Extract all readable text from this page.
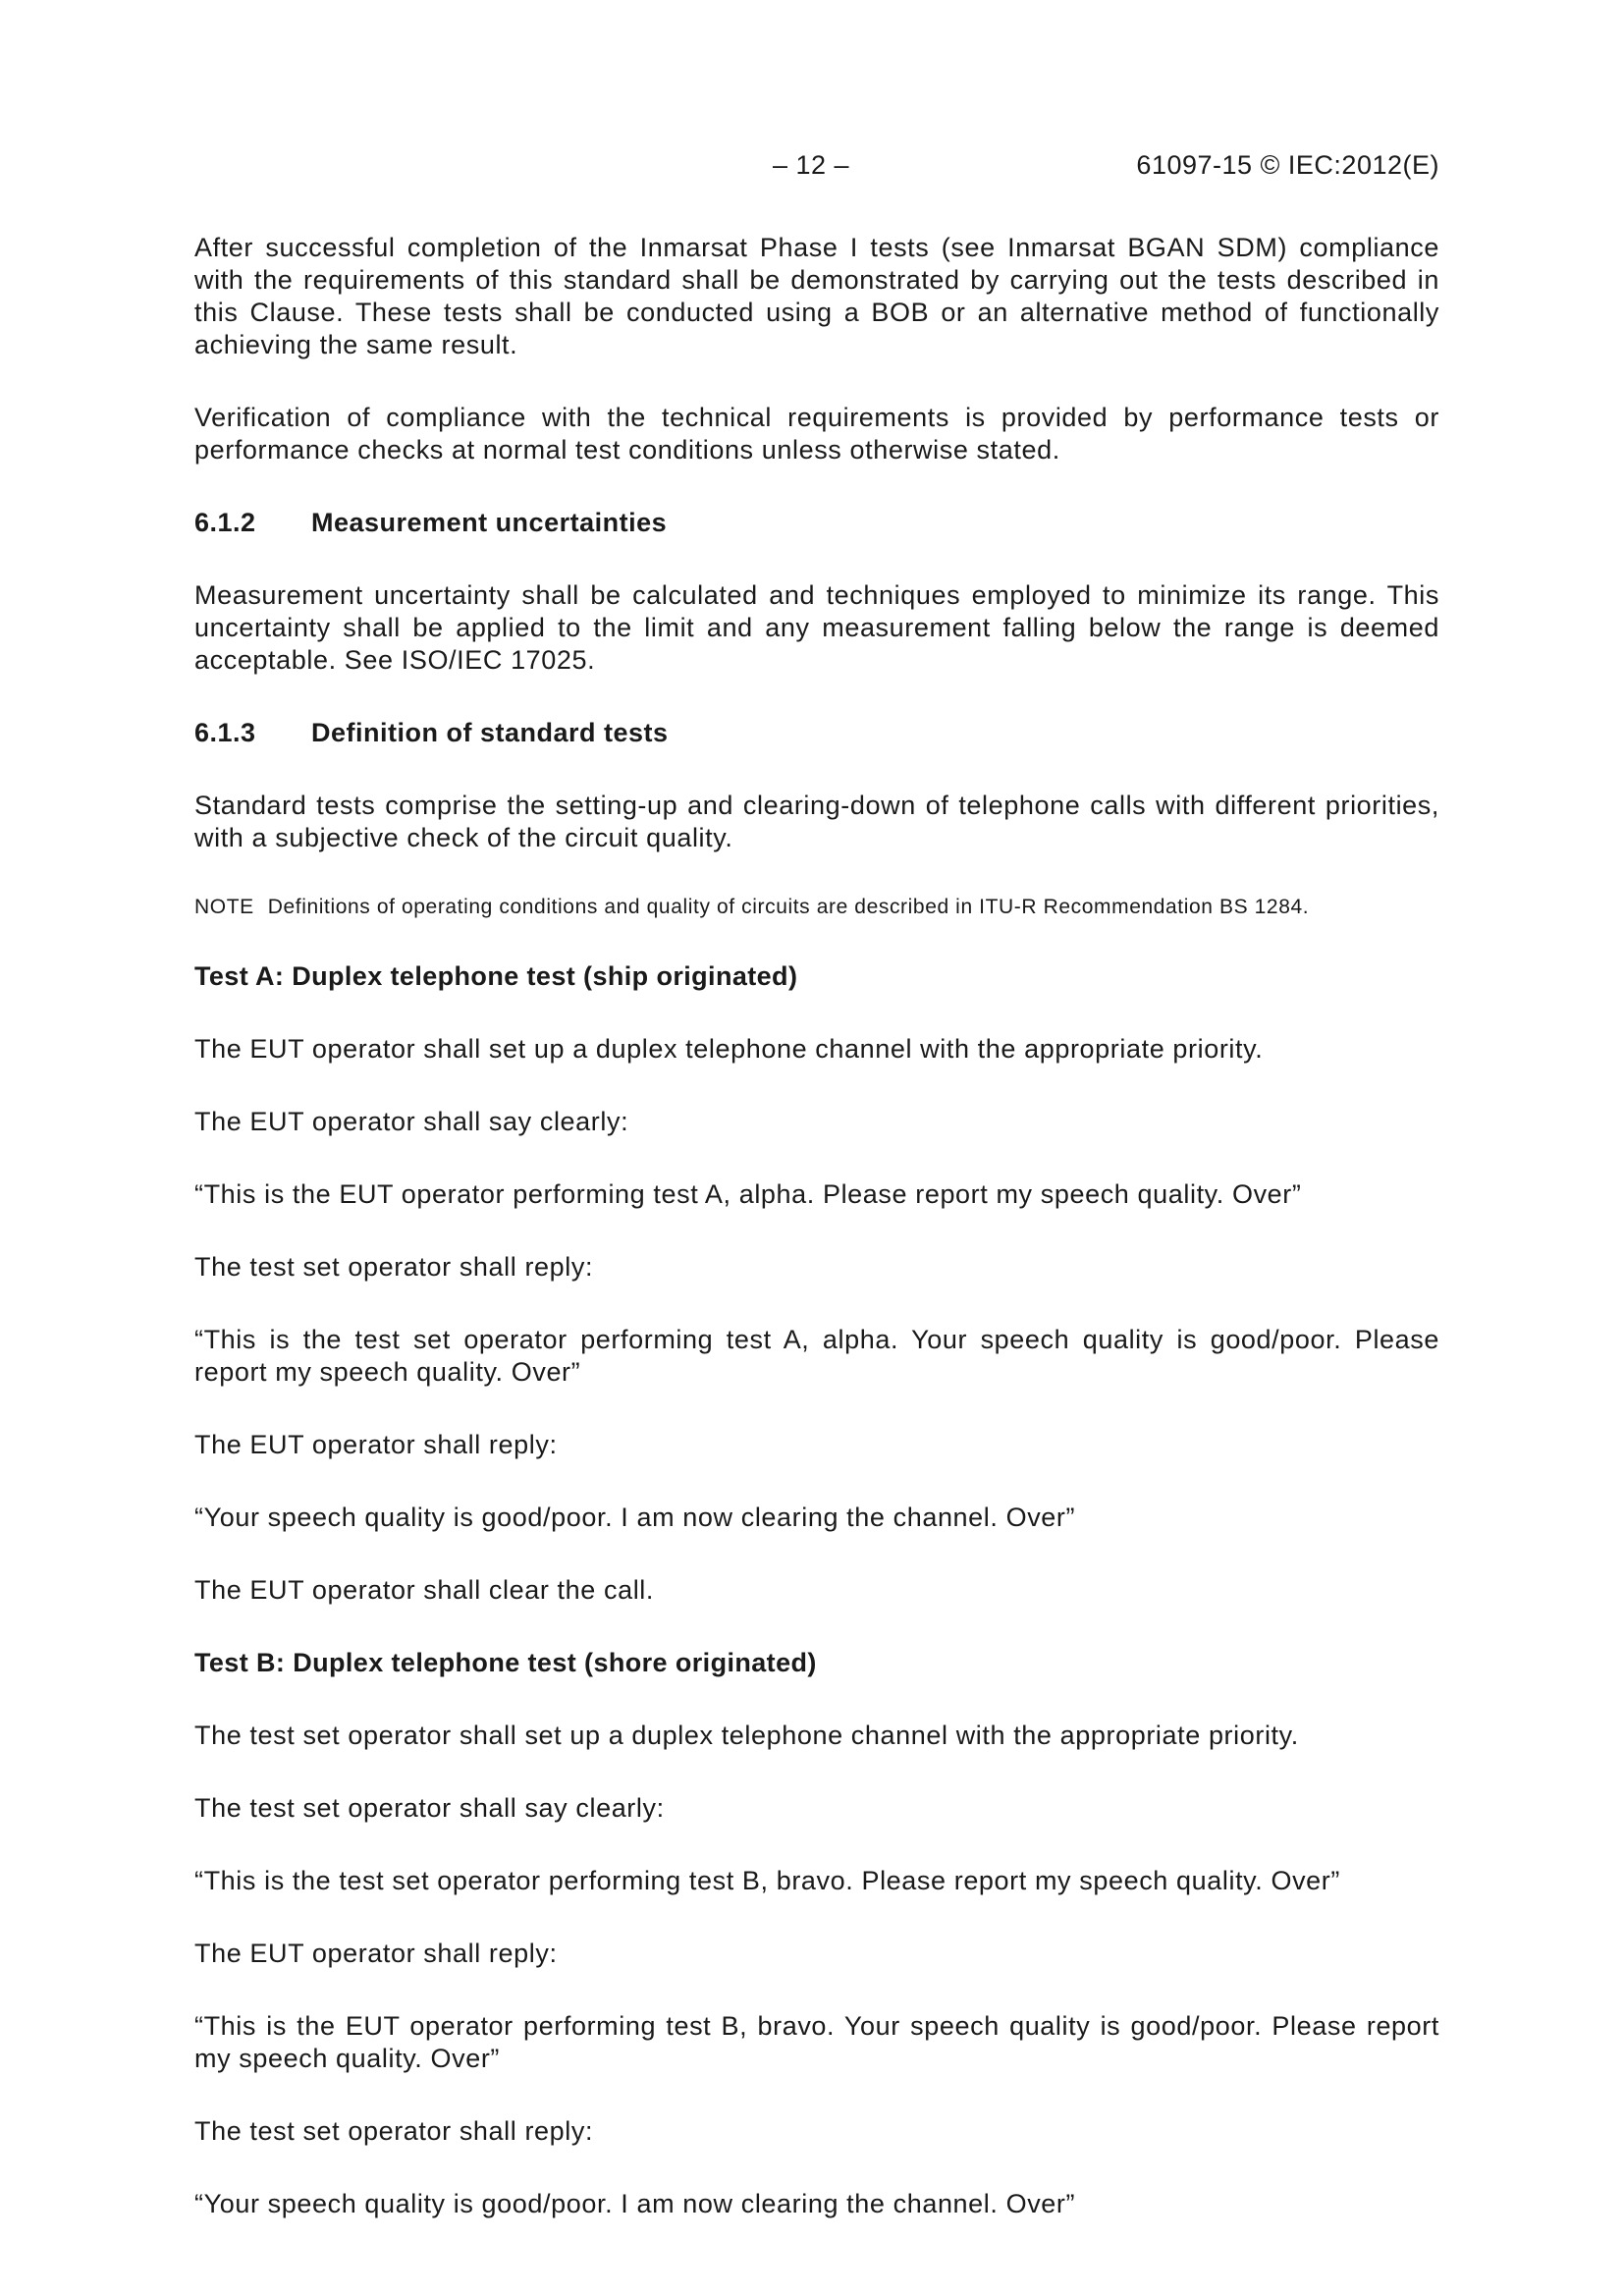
– 12 –	61097-15 © IEC:2012(E)

After successful completion of the Inmarsat Phase I tests (see Inmarsat BGAN SDM) compliance with the requirements of this standard shall be demonstrated by carrying out the tests described in this Clause. These tests shall be conducted using a BOB or an alternative method of functionally achieving the same result.

Verification of compliance with the technical requirements is provided by performance tests or performance checks at normal test conditions unless otherwise stated.

6.1.2 Measurement uncertainties

Measurement uncertainty shall be calculated and techniques employed to minimize its range. This uncertainty shall be applied to the limit and any measurement falling below the range is deemed acceptable. See ISO/IEC 17025.

6.1.3 Definition of standard tests

Standard tests comprise the setting-up and clearing-down of telephone calls with different priorities, with a subjective check of the circuit quality.

NOTE Definitions of operating conditions and quality of circuits are described in ITU-R Recommendation BS 1284.
Test A: Duplex telephone test (ship originated)

The EUT operator shall set up a duplex telephone channel with the appropriate priority.

The EUT operator shall say clearly:

“This is the EUT operator performing test A, alpha. Please report my speech quality. Over”

The test set operator shall reply:

“This is the test set operator performing test A, alpha. Your speech quality is good/poor. Please report my speech quality. Over”

The EUT operator shall reply:

“Your speech quality is good/poor. I am now clearing the channel. Over”

The EUT operator shall clear the call.

Test B: Duplex telephone test (shore originated)

The test set operator shall set up a duplex telephone channel with the appropriate priority.

The test set operator shall say clearly:

“This is the test set operator performing test B, bravo. Please report my speech quality. Over”

The EUT operator shall reply:

“This is the EUT operator performing test B, bravo. Your speech quality is good/poor. Please report my speech quality. Over”

The test set operator shall reply:

“Your speech quality is good/poor. I am now clearing the channel. Over”
